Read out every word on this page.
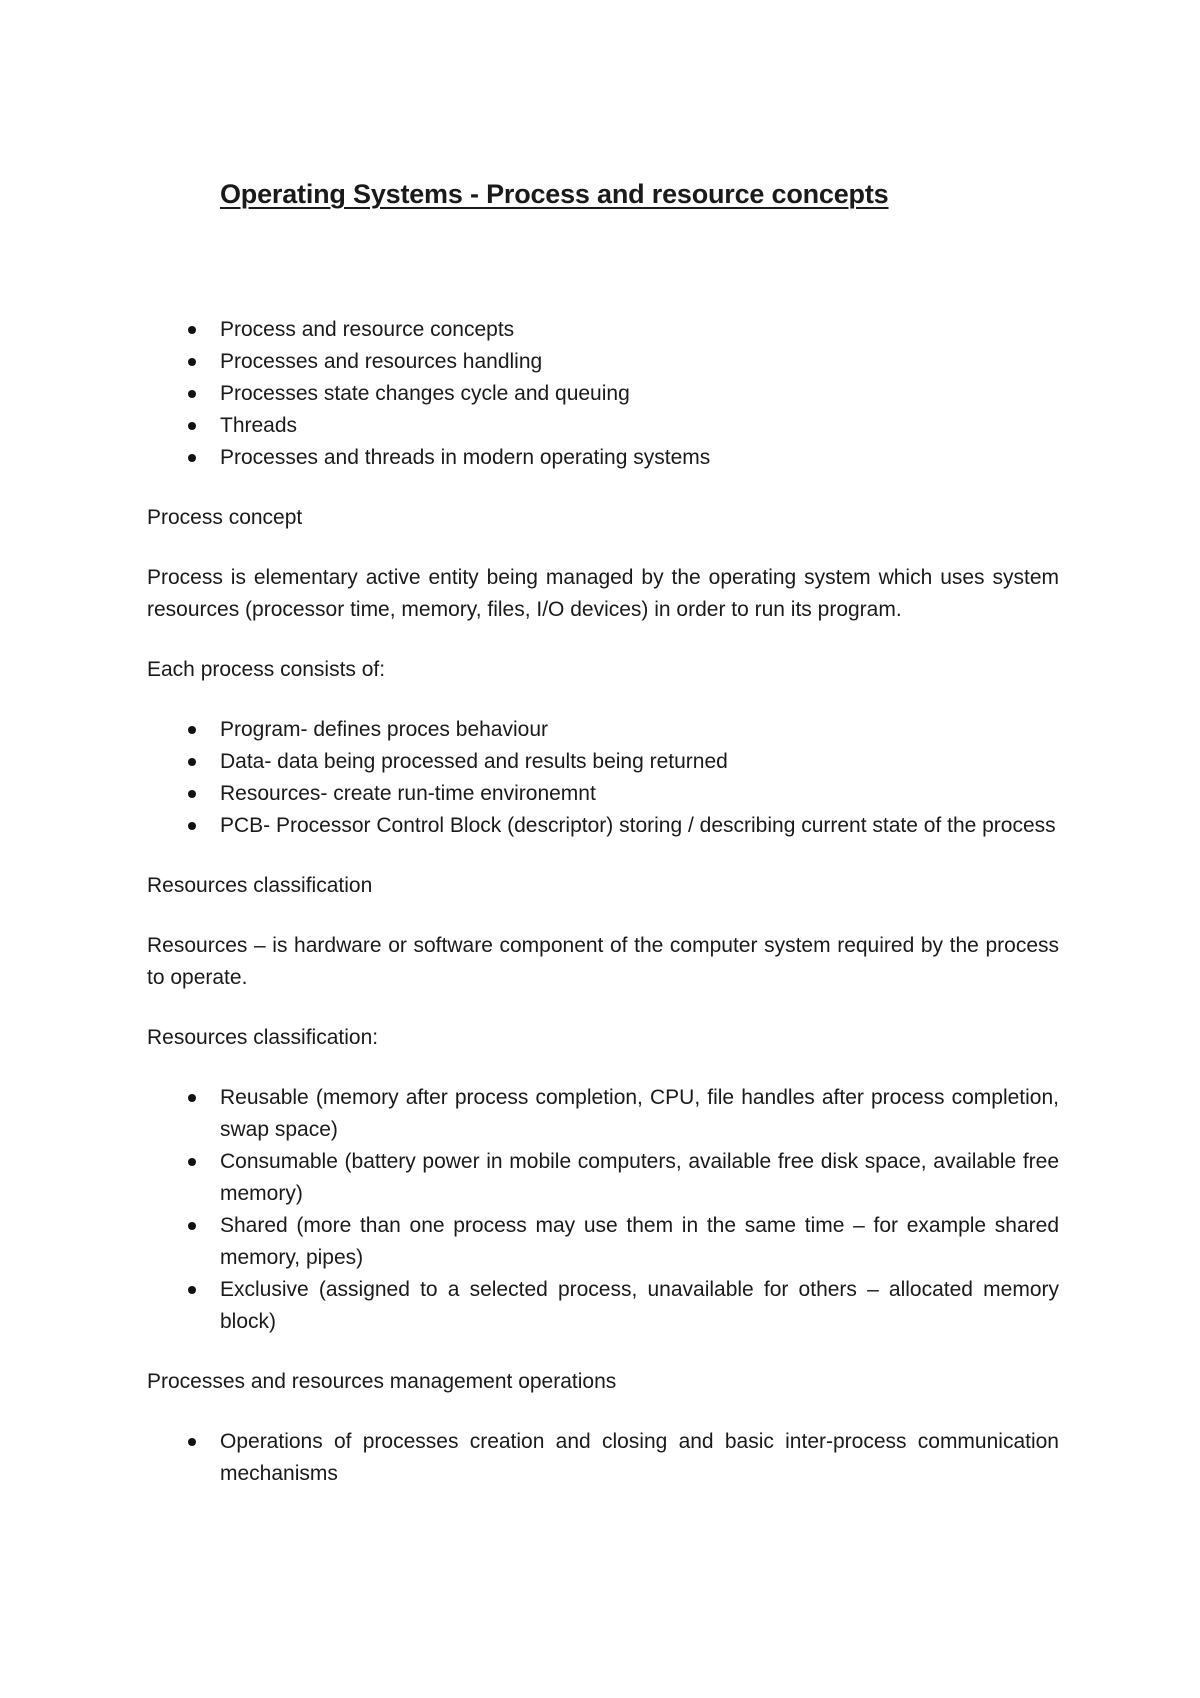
Operating Systems - Process and resource concepts
Process and resource concepts
Processes and resources handling
Processes state changes cycle and queuing
Threads
Processes and threads in modern operating systems

Process concept

Process is elementary active entity being managed by the operating system which uses system resources (processor time, memory, files, I/O devices) in order to run its program.

Each process consists of:

Program- defines proces behaviour
Data- data being processed and results being returned
Resources- create run-time environemnt
PCB- Processor Control Block (descriptor) storing / describing current state of the process

Resources classification

Resources – is hardware or software component of the computer system required by the process to operate.

Resources classification:

Reusable (memory after process completion, CPU, file handles after process completion, swap space)
Consumable (battery power in mobile computers, available free disk space, available free memory)
Shared (more than one process may use them in the same time – for example shared memory, pipes)
Exclusive (assigned to a selected process, unavailable for others – allocated memory block)

Processes and resources management operations

Operations of processes creation and closing and basic inter-process communication mechanisms
